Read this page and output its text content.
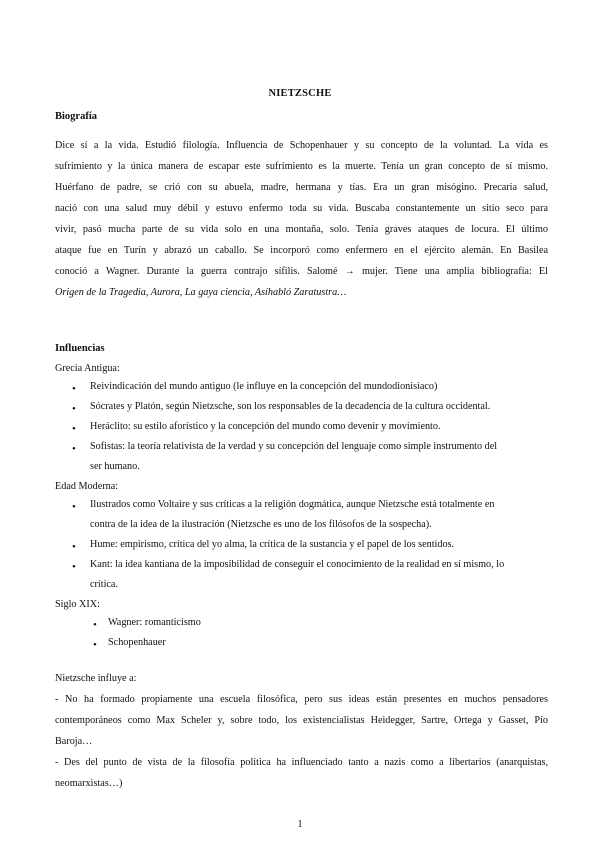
NIETZSCHE
Biografía
Dice sí a la vida. Estudió filología. Influencia de Schopenhauer y su concepto de la voluntad. La vida es
sufrimiento y la única manera de escapar este sufrimiento es la muerte. Tenía un gran concepto de sí mismo.
Huérfano de padre, se crió con su abuela, madre, hermana y tías. Era un gran misógino. Precaria salud,
nació con una salud muy débil y estuvo enfermo toda su vida. Buscaba constantemente un sitio seco para
vivir, pasó mucha parte de su vida solo en una montaña, solo. Tenía graves ataques de locura. El último
ataque fue en Turín y abrazó un caballo. Se incorporó como enfermero en el ejército alemán. En Basilea
conoció a Wagner. Durante la guerra contrajo sífilis. Salomé → mujer. Tiene una amplia bibliografía: El
Origen de la Tragedia, Aurora, La gaya ciencia, Asíhabló Zaratustra…
Influencias
Grecia Antigua:
• Reivindicación del mundo antiguo (le influye en la concepción del mundodionisíaco)
• Sócrates y Platón, según Nietzsche, son los responsables de la decadencia de la cultura occidental.
• Heráclito: su estilo aforístico y la concepción del mundo como devenir y movimiento.
• Sofistas: la teoría relativista de la verdad y su concepción del lenguaje como simple instrumento del
ser humano.
Edad Moderna:
• Ilustrados como Voltaire y sus críticas a la religión dogmática, aunque Nietzsche está totalmente en
contra de la idea de la ilustración (Nietzsche es uno de los filósofos de la sospecha).
• Hume: empirismo, crítica del yo alma, la crítica de la sustancia y el papel de los sentidos.
• Kant: la idea kantiana de la imposibilidad de conseguir el conocimiento de la realidad en sí mismo, lo
crítica.
Siglo XIX:
• Wagner: romanticismo
• Schopenhauer
Nietzsche influye a:
- No ha formado propiamente una escuela filosófica, pero sus ideas están presentes en muchos pensadores
contemporáneos como Max Scheler y, sobre todo, los existencialistas Heidegger, Sartre, Ortega y Gasset, Pío
Baroja…
- Des del punto de vista de la filosofía política ha influenciado tanto a nazis como a libertarios (anarquistas,
neomarxistas…)
1
